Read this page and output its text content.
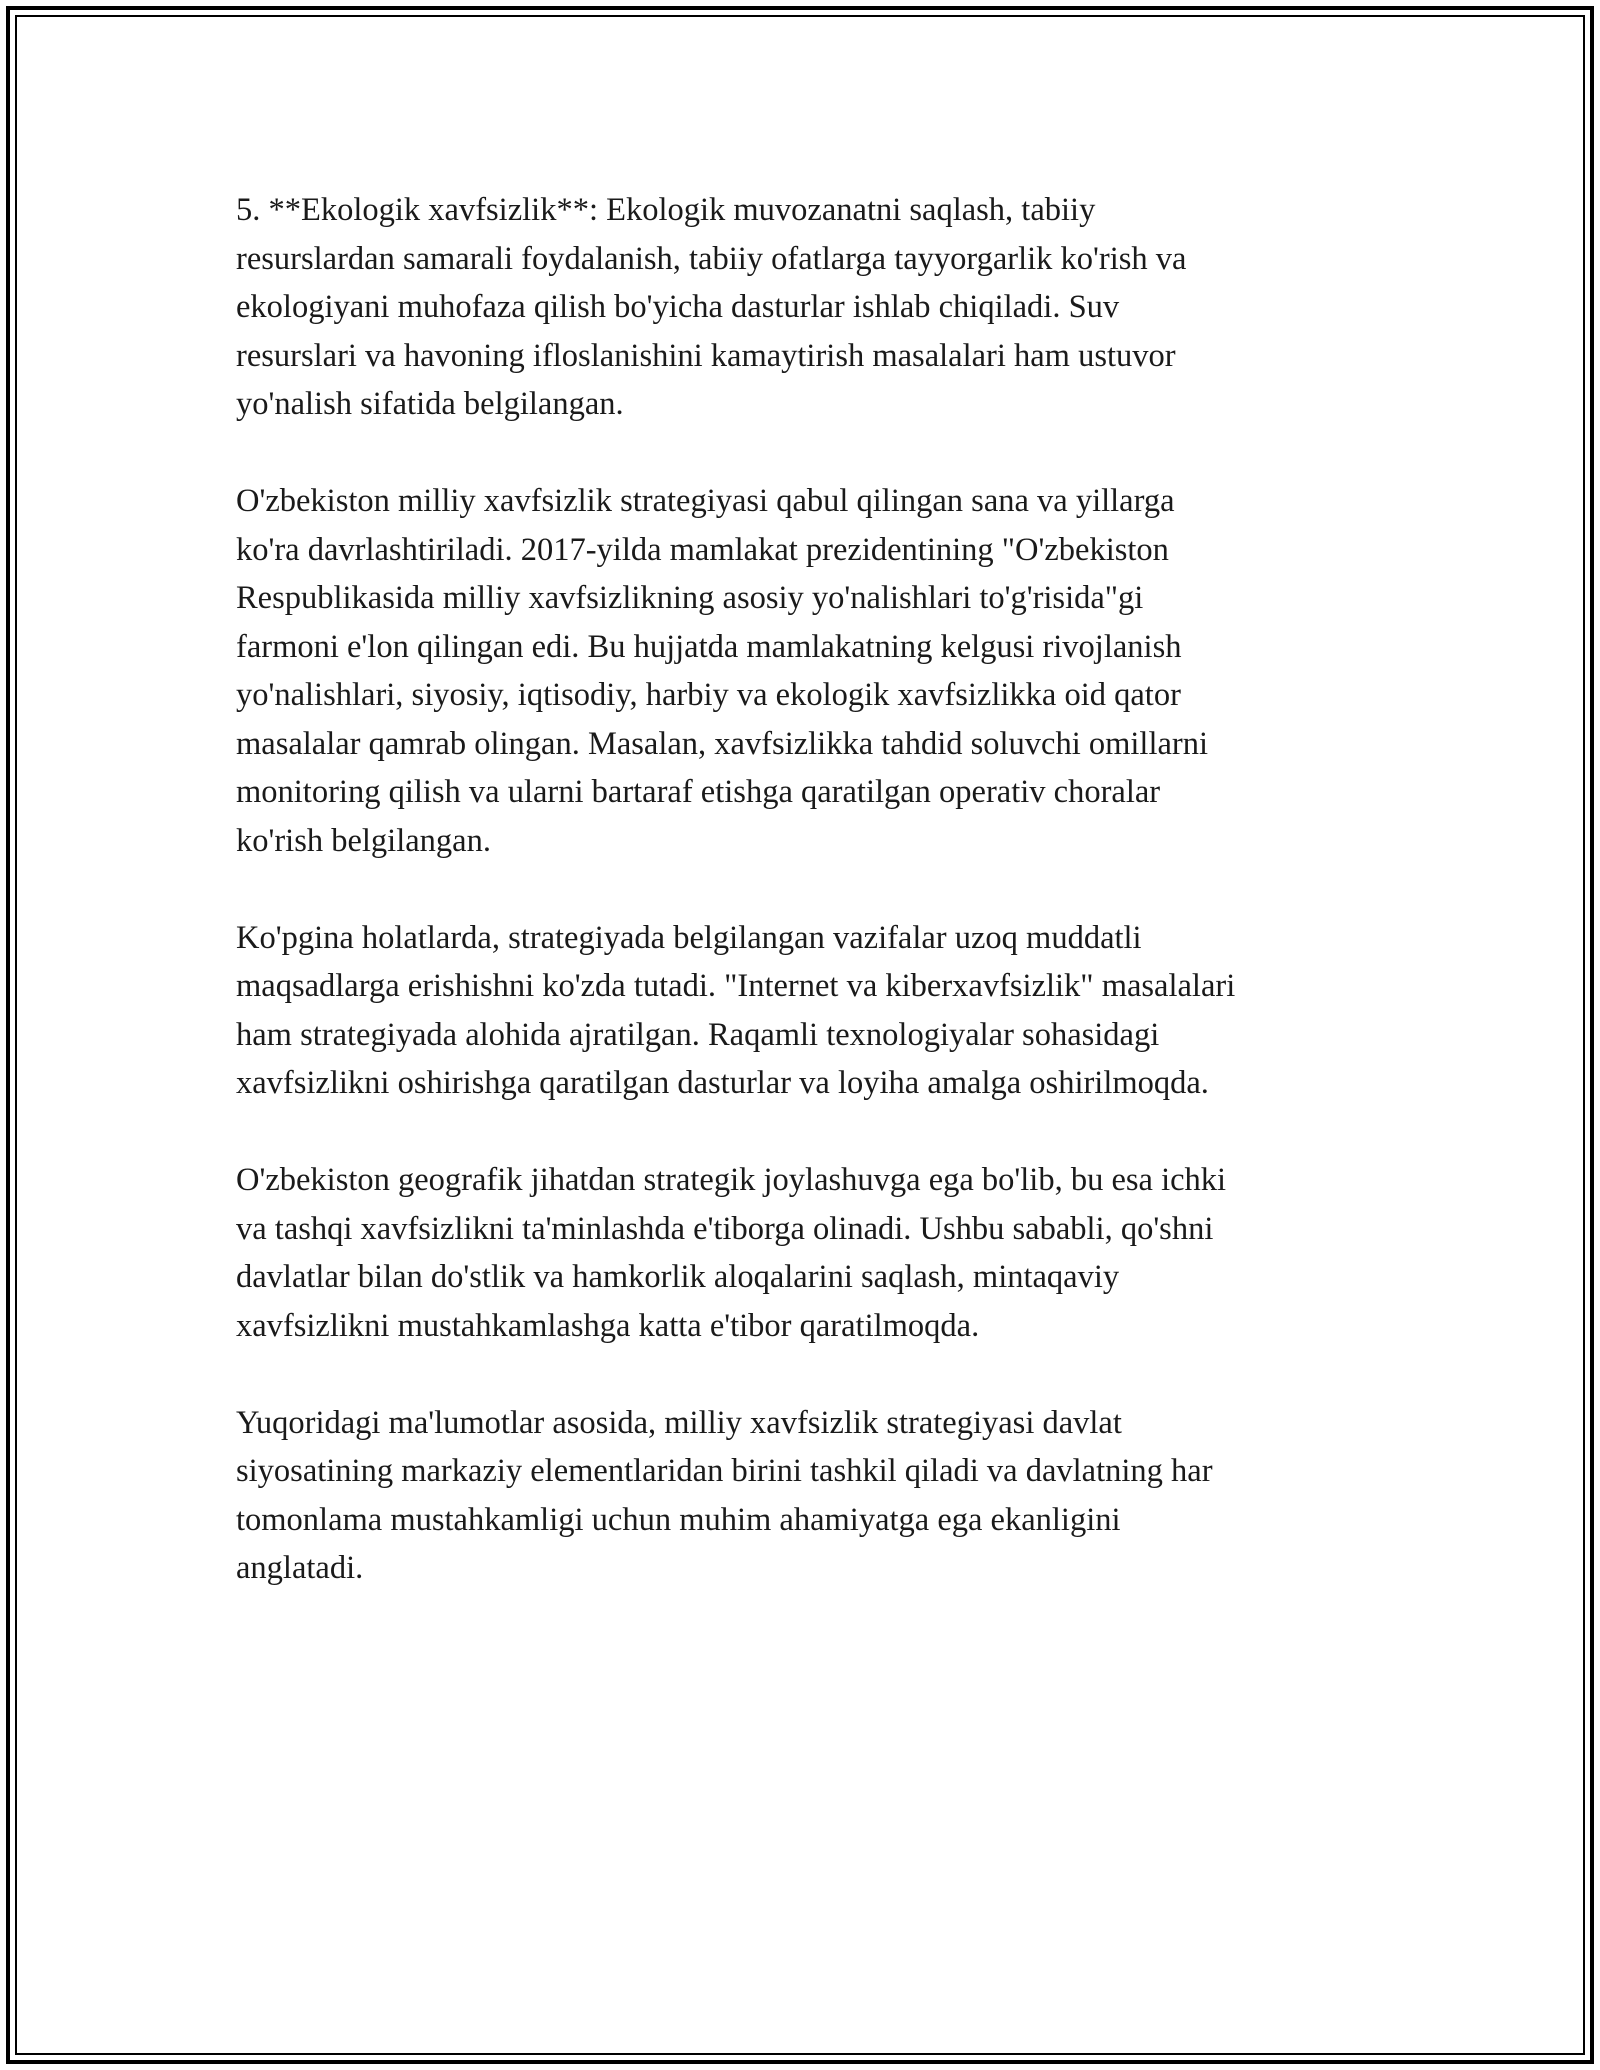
5. **Ekologik xavfsizlik**: Ekologik muvozanatni saqlash, tabiiy
resurslardan samarali foydalanish, tabiiy ofatlarga tayyorgarlik ko'rish va
ekologiyani muhofaza qilish bo'yicha dasturlar ishlab chiqiladi. Suv
resurslari va havoning ifloslanishini kamaytirish masalalari ham ustuvor
yo'nalish sifatida belgilangan.

O'zbekiston milliy xavfsizlik strategiyasi qabul qilingan sana va yillarga
ko'ra davrlashtiriladi. 2017-yilda mamlakat prezidentining "O'zbekiston
Respublikasida milliy xavfsizlikning asosiy yo'nalishlari to'g'risida"gi
farmoni e'lon qilingan edi. Bu hujjatda mamlakatning kelgusi rivojlanish
yo'nalishlari, siyosiy, iqtisodiy, harbiy va ekologik xavfsizlikka oid qator
masalalar qamrab olingan. Masalan, xavfsizlikka tahdid soluvchi omillarni
monitoring qilish va ularni bartaraf etishga qaratilgan operativ choralar
ko'rish belgilangan.

Ko'pgina holatlarda, strategiyada belgilangan vazifalar uzoq muddatli
maqsadlarga erishishni ko'zda tutadi. "Internet va kiberxavfsizlik" masalalari
ham strategiyada alohida ajratilgan. Raqamli texnologiyalar sohasidagi
xavfsizlikni oshirishga qaratilgan dasturlar va loyiha amalga oshirilmoqda.

O'zbekiston geografik jihatdan strategik joylashuvga ega bo'lib, bu esa ichki
va tashqi xavfsizlikni ta'minlashda e'tiborga olinadi. Ushbu sababli, qo'shni
davlatlar bilan do'stlik va hamkorlik aloqalarini saqlash, mintaqaviy
xavfsizlikni mustahkamlashga katta e'tibor qaratilmoqda.

Yuqoridagi ma'lumotlar asosida, milliy xavfsizlik strategiyasi davlat
siyosatining markaziy elementlaridan birini tashkil qiladi va davlatning har
tomonlama mustahkamligi uchun muhim ahamiyatga ega ekanligini
anglatadi.
